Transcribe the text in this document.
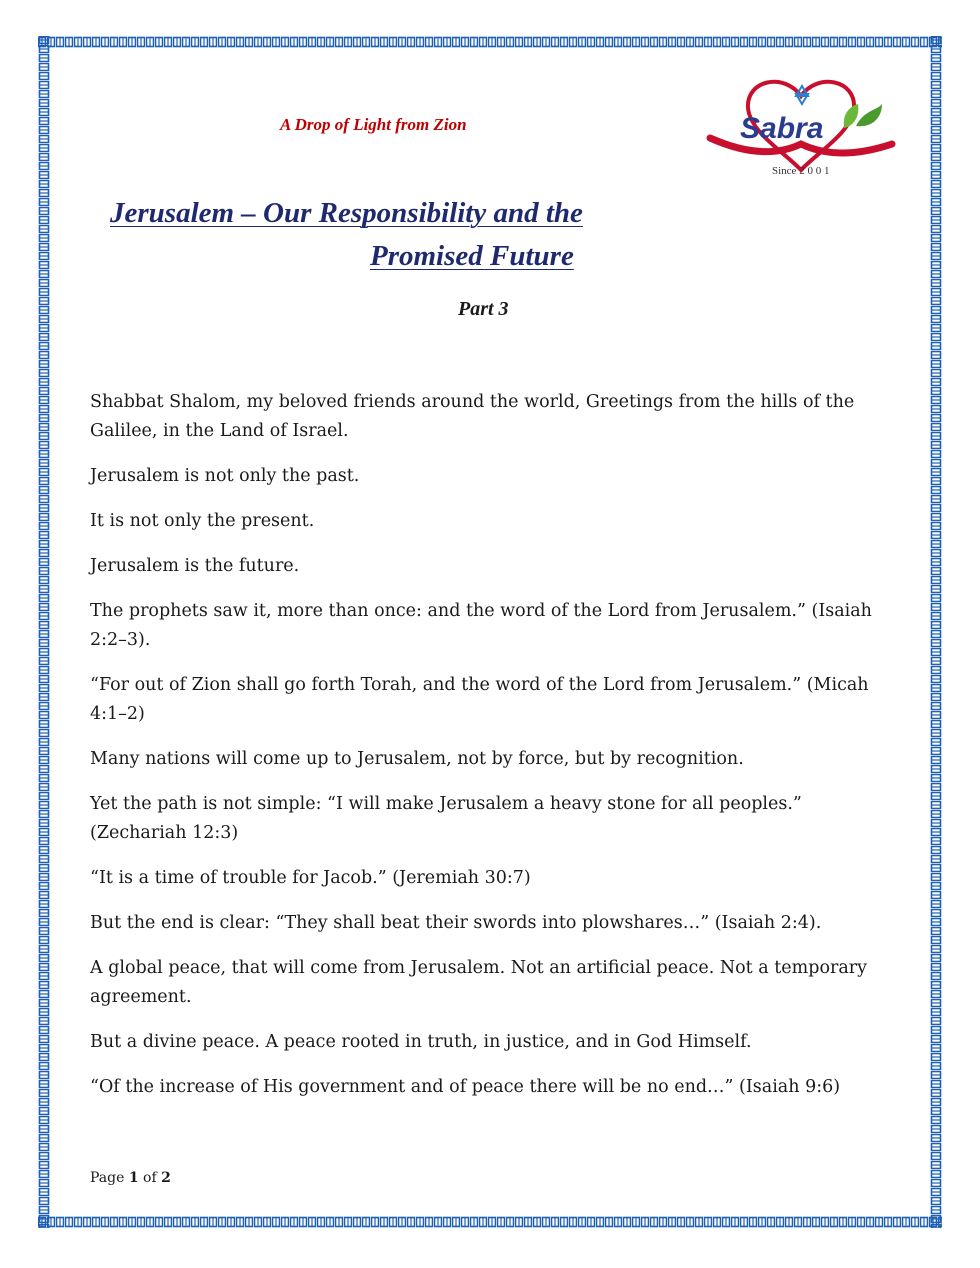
A Drop of Light from Zion	Sabra
Since 2 0 0 1
Jerusalem – Our Responsibility and the
Promised Future
Part 3

Shabbat Shalom, my beloved friends around the world, Greetings from the hills of the Galilee, in the Land of Israel.

Jerusalem is not only the past.

It is not only the present.

Jerusalem is the future.

The prophets saw it, more than once: and the word of the Lord from Jerusalem.” (Isaiah 2:2–3).

“For out of Zion shall go forth Torah, and the word of the Lord from Jerusalem.” (Micah 4:1–2)

Many nations will come up to Jerusalem, not by force, but by recognition.

Yet the path is not simple: “I will make Jerusalem a heavy stone for all peoples.” (Zechariah 12:3)

“It is a time of trouble for Jacob.” (Jeremiah 30:7)

But the end is clear: “They shall beat their swords into plowshares…” (Isaiah 2:4).

A global peace, that will come from Jerusalem. Not an artificial peace. Not a temporary agreement.

But a divine peace. A peace rooted in truth, in justice, and in God Himself.

“Of the increase of His government and of peace there will be no end…” (Isaiah 9:6)

Page 1 of 2
